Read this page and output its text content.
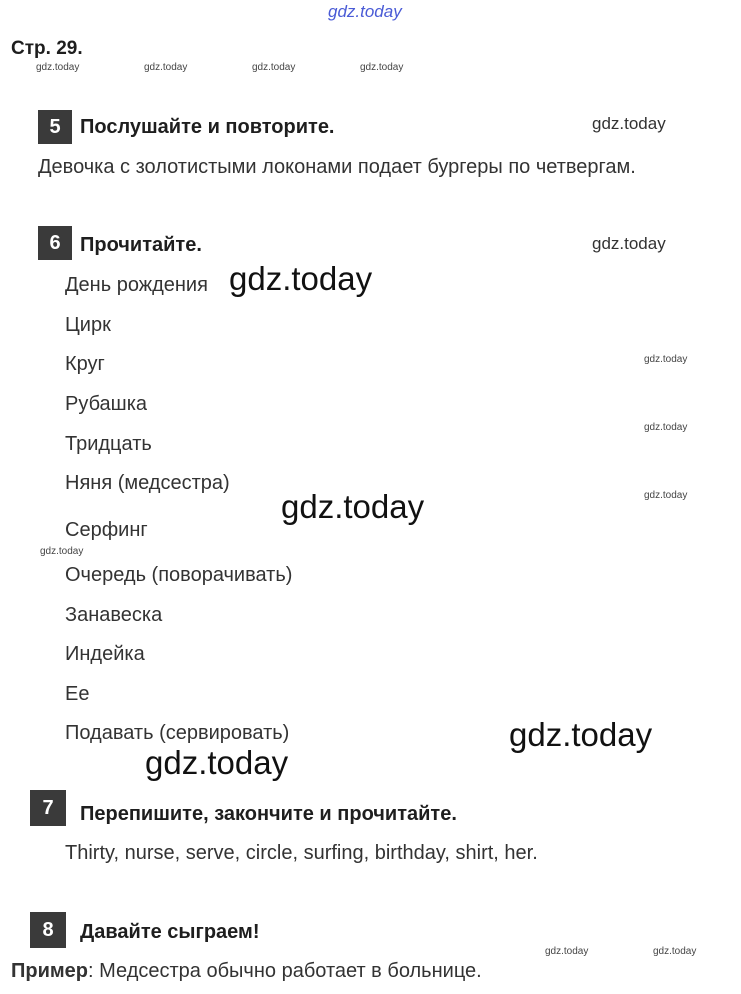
gdz.today
Стр. 29.
gdz.today	gdz.today	gdz.today	gdz.today
5 Послушайте и повторите.	gdz.today
Девочка с золотистыми локонами подает бургеры по четвергам.
6 Прочитайте.	gdz.today
День рождения
Цирк
Круг
Рубашка
Тридцать
Няня (медсестра)
Серфинг
Очередь (поворачивать)
Занавеска
Индейка
Ее
Подавать (сервировать)
gdz.today
gdz.today
gdz.today
gdz.today
gdz.today
gdz.today
gdz.today
gdz.today
7	Перепишите, закончите и прочитайте.
Thirty, nurse, serve, circle, surfing, birthday, shirt, her.
8	Давайте сыграем!
gdz.today	gdz.today
Пример: Медсестра обычно работает в больнице.
